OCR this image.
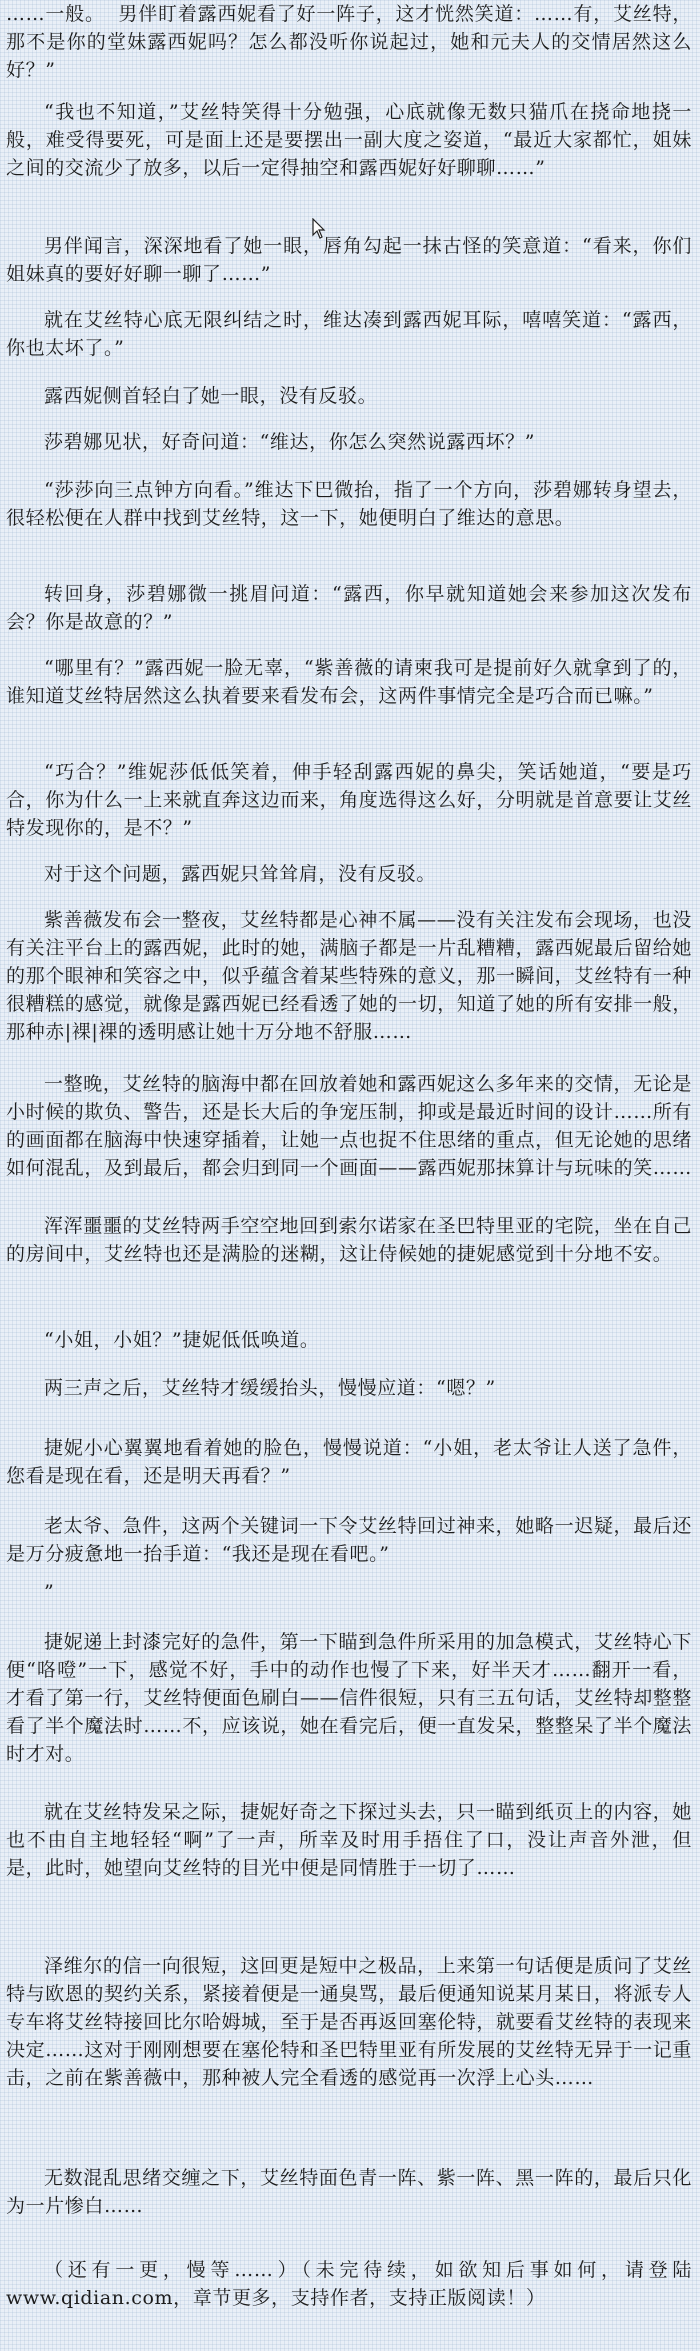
……一般。  男伴盯着露西妮看了好一阵子，这才恍然笑道：……有，艾丝特，那不是你的堂妹露西妮吗？怎么都没听你说起过，她和元夫人的交情居然这么好？”

“我也不知道，”艾丝特笑得十分勉强，心底就像无数只猫爪在挠命地挠一般，难受得要死，可是面上还是要摆出一副大度之姿道，“最近大家都忙，姐妹之间的交流少了放多，以后一定得抽空和露西妮好好聊聊……”

男伴闻言，深深地看了她一眼，唇角勾起一抹古怪的笑意道：“看来，你们姐妹真的要好好聊一聊了……”

就在艾丝特心底无限纠结之时，维达凑到露西妮耳际，嘻嘻笑道：“露西，你也太坏了。”

露西妮侧首轻白了她一眼，没有反驳。

莎碧娜见状，好奇问道：“维达，你怎么突然说露西坏？”

“莎莎向三点钟方向看。”维达下巴微抬，指了一个方向，莎碧娜转身望去，很轻松便在人群中找到艾丝特，这一下，她便明白了维达的意思。

转回身，莎碧娜微一挑眉问道：“露西，你早就知道她会来参加这次发布会？你是故意的？”

“哪里有？”露西妮一脸无辜，“紫善薇的请柬我可是提前好久就拿到了的，谁知道艾丝特居然这么执着要来看发布会，这两件事情完全是巧合而已嘛。”

“巧合？”维妮莎低低笑着，伸手轻刮露西妮的鼻尖，笑话她道，“要是巧合，你为什么一上来就直奔这边而来，角度选得这么好，分明就是首意要让艾丝特发现你的，是不？”

对于这个问题，露西妮只耸耸肩，没有反驳。

紫善薇发布会一整夜，艾丝特都是心神不属——没有关注发布会现场，也没有关注平台上的露西妮，此时的她，满脑子都是一片乱糟糟，露西妮最后留给她的那个眼神和笑容之中，似乎蕴含着某些特殊的意义，那一瞬间，艾丝特有一种很糟糕的感觉，就像是露西妮已经看透了她的一切，知道了她的所有安排一般，那种赤|裸|裸的透明感让她十万分地不舒服……

一整晚，艾丝特的脑海中都在回放着她和露西妮这么多年来的交情，无论是小时候的欺负、警告，还是长大后的争宠压制，抑或是最近时间的设计……所有的画面都在脑海中快速穿插着，让她一点也捉不住思绪的重点，但无论她的思绪如何混乱，及到最后，都会归到同一个画面——露西妮那抹算计与玩味的笑……

浑浑噩噩的艾丝特两手空空地回到索尔诺家在圣巴特里亚的宅院，坐在自己的房间中，艾丝特也还是满脸的迷糊，这让侍候她的捷妮感觉到十分地不安。

“小姐，小姐？”捷妮低低唤道。

两三声之后，艾丝特才缓缓抬头，慢慢应道：“嗯？”

捷妮小心翼翼地看着她的脸色，慢慢说道：“小姐，老太爷让人送了急件，您看是现在看，还是明天再看？”

老太爷、急件，这两个关键词一下令艾丝特回过神来，她略一迟疑，最后还是万分疲惫地一抬手道：“我还是现在看吧。”

”

捷妮递上封漆完好的急件，第一下瞄到急件所采用的加急模式，艾丝特心下便“咯噔”一下，感觉不好，手中的动作也慢了下来，好半天才……翻开一看，才看了第一行，艾丝特便面色刷白——信件很短，只有三五句话，艾丝特却整整看了半个魔法时……不，应该说，她在看完后，便一直发呆，整整呆了半个魔法时才对。

就在艾丝特发呆之际，捷妮好奇之下探过头去，只一瞄到纸页上的内容，她也不由自主地轻轻“啊”了一声，所幸及时用手捂住了口，没让声音外泄，但是，此时，她望向艾丝特的目光中便是同情胜于一切了……

泽维尔的信一向很短，这回更是短中之极品，上来第一句话便是质问了艾丝特与欧恩的契约关系，紧接着便是一通臭骂，最后便通知说某月某日，将派专人专车将艾丝特接回比尔哈姆城，至于是否再返回塞伦特，就要看艾丝特的表现来决定……这对于刚刚想要在塞伦特和圣巴特里亚有所发展的艾丝特无异于一记重击，之前在紫善薇中，那种被人完全看透的感觉再一次浮上心头……

无数混乱思绪交缠之下，艾丝特面色青一阵、紫一阵、黑一阵的，最后只化为一片惨白……

（还有一更，慢等……）（未完待续，如欲知后事如何，请登陆www.qidian.com，章节更多，支持作者，支持正版阅读！）
